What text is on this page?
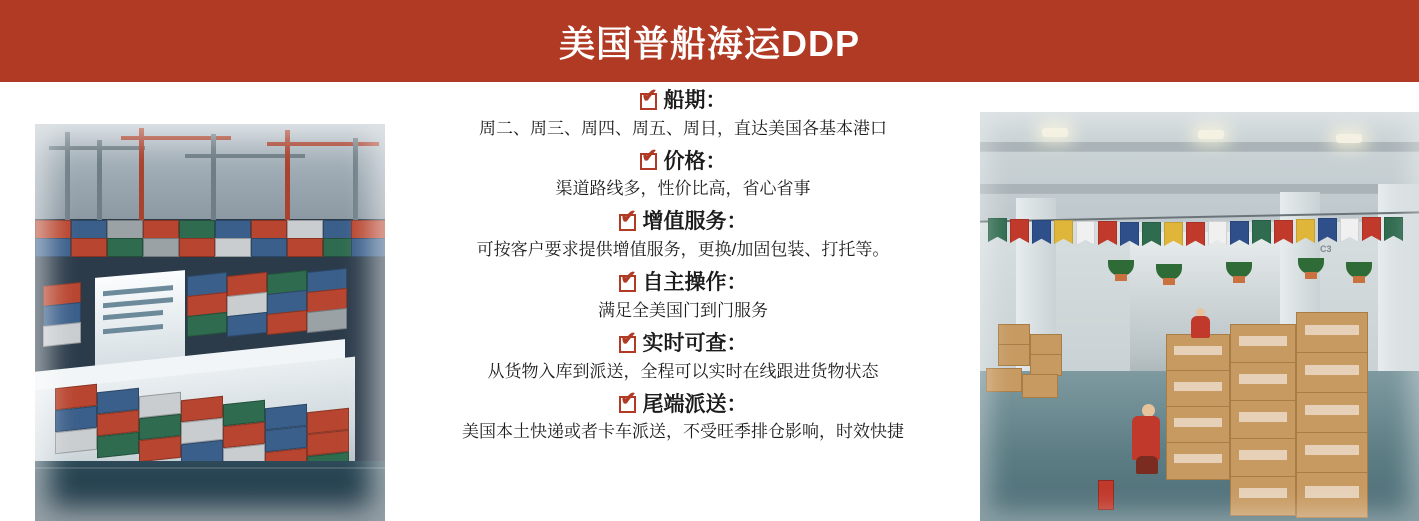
美国普船海运DDP
✔ 船期：
周二、周三、周四、周五、周日，直达美国各基本港口
✔ 价格：
渠道路线多，性价比高，省心省事
✔ 增值服务：
可按客户要求提供增值服务，更换/加固包装、打托等。
✔ 自主操作：
满足全美国门到门服务
✔ 实时可查：
从货物入库到派送，全程可以实时在线跟进货物状态
✔ 尾端派送：
美国本土快递或者卡车派送，不受旺季排仓影响，时效快捷
C3
